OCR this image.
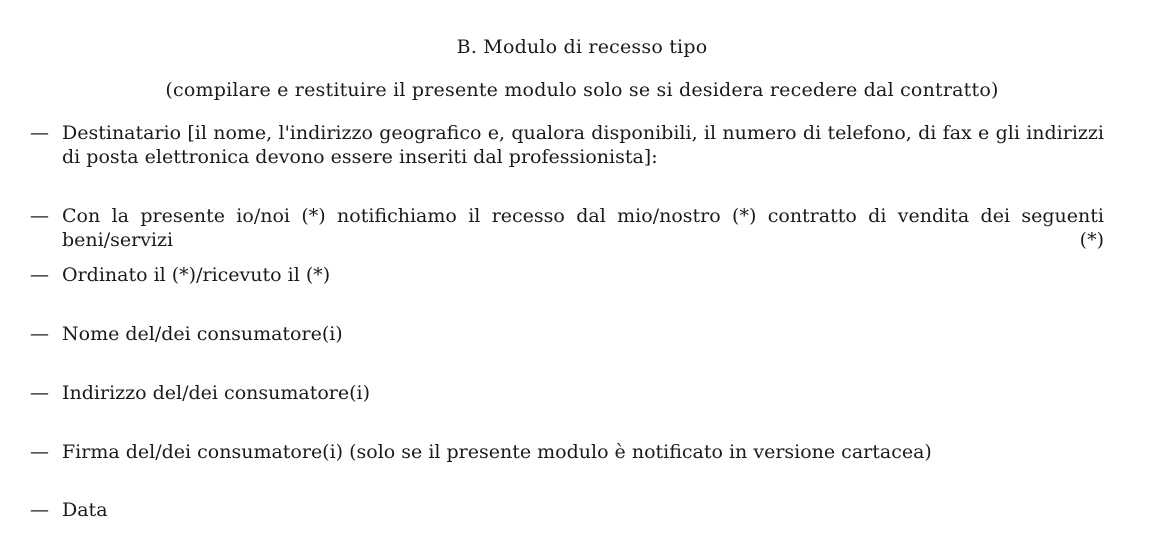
B. Modulo di recesso tipo
(compilare e restituire il presente modulo solo se si desidera recedere dal contratto)
— Destinatario [il nome, l'indirizzo geografico e, qualora disponibili, il numero di telefono, di fax e gli indirizzi di posta elettronica devono essere inseriti dal professionista]:
— Con la presente io/noi (*) notifichiamo il recesso dal mio/nostro (*) contratto di vendita dei seguenti beni/servizi (*)
— Ordinato il (*)/ricevuto il (*)
— Nome del/dei consumatore(i)
— Indirizzo del/dei consumatore(i)
— Firma del/dei consumatore(i) (solo se il presente modulo è notificato in versione cartacea)
— Data
